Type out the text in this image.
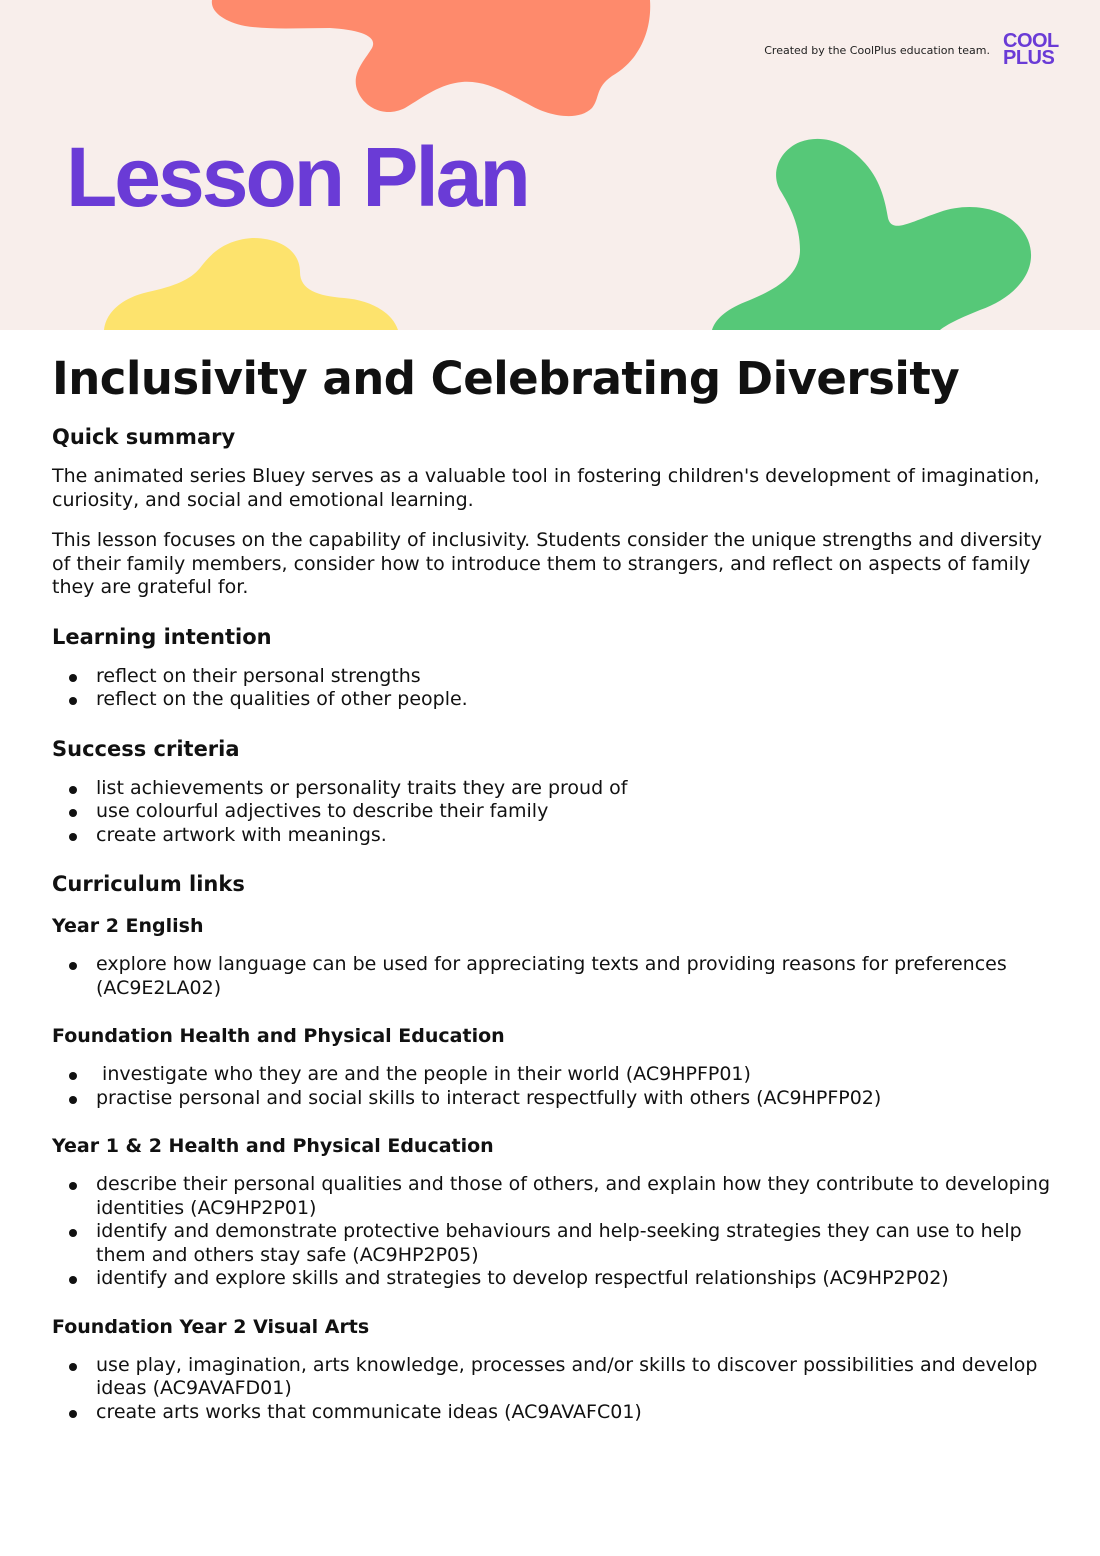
Created by the CoolPlus education team. COOL
PLUS
Lesson Plan
Inclusivity and Celebrating Diversity
Quick summary

The animated series Bluey serves as a valuable tool in fostering children's development of imagination, curiosity, and social and emotional learning.

This lesson focuses on the capability of inclusivity. Students consider the unique strengths and diversity of their family members, consider how to introduce them to strangers, and reflect on aspects of family they are grateful for.

Learning intention
reflect on their personal strengths
reflect on the qualities of other people.
Success criteria
list achievements or personality traits they are proud of
use colourful adjectives to describe their family
create artwork with meanings.
Curriculum links
Year 2 English
explore how language can be used for appreciating texts and providing reasons for preferences (AC9E2LA02)
Foundation Health and Physical Education
investigate who they are and the people in their world (AC9HPFP01)
practise personal and social skills to interact respectfully with others (AC9HPFP02)
Year 1 & 2 Health and Physical Education
describe their personal qualities and those of others, and explain how they contribute to developing identities (AC9HP2P01)
identify and demonstrate protective behaviours and help-seeking strategies they can use to help them and others stay safe (AC9HP2P05)
identify and explore skills and strategies to develop respectful relationships (AC9HP2P02)
Foundation Year 2 Visual Arts
use play, imagination, arts knowledge, processes and/or skills to discover possibilities and develop ideas (AC9AVAFD01)
create arts works that communicate ideas (AC9AVAFC01)
